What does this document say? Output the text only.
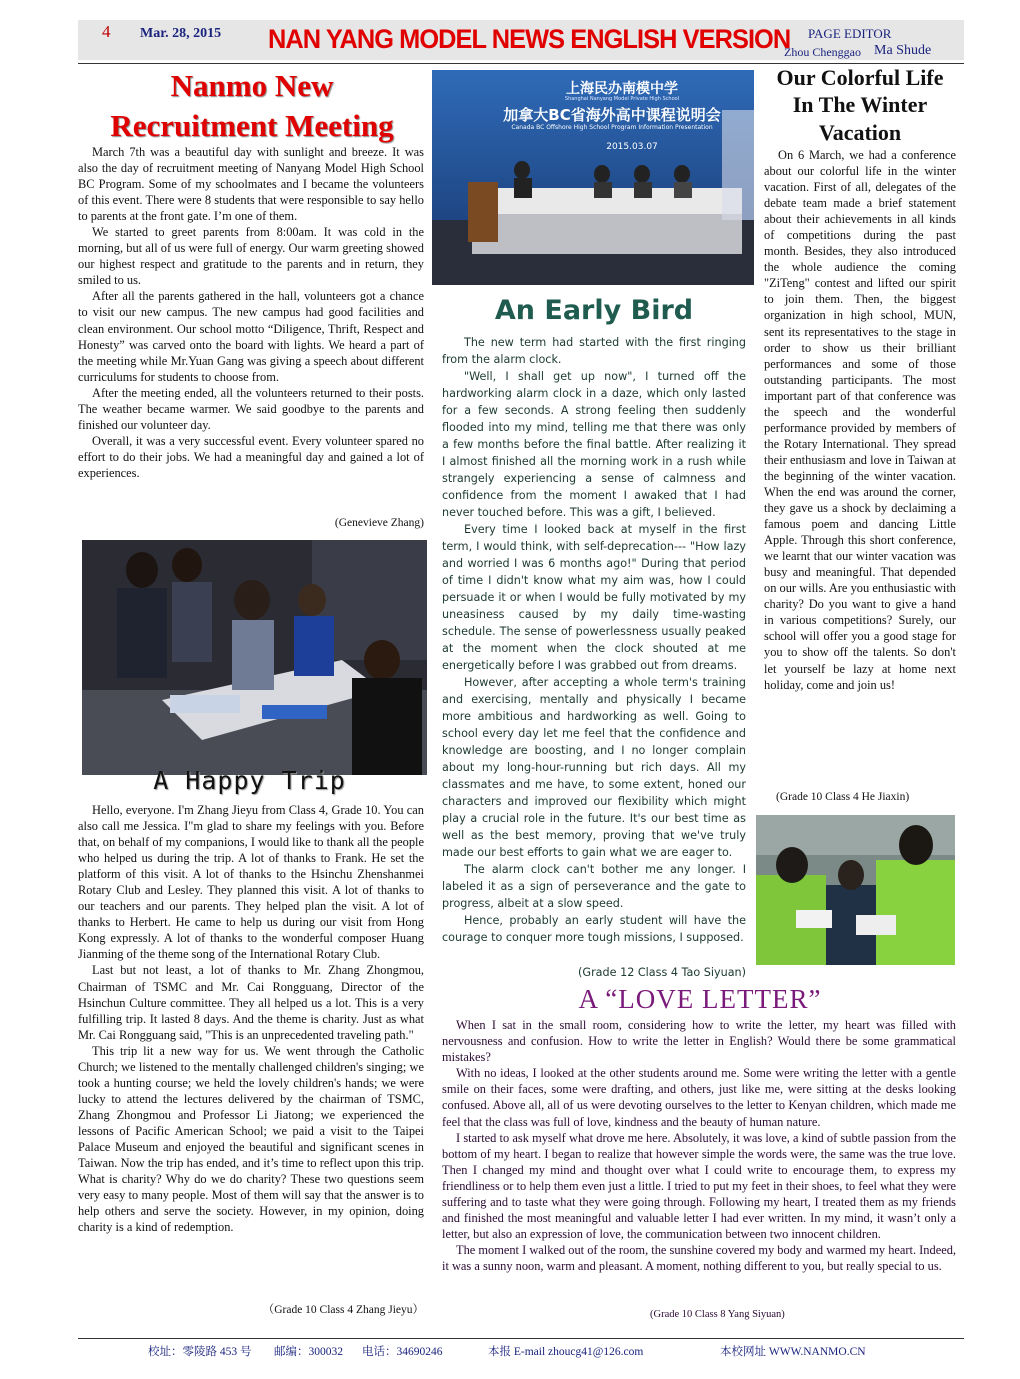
4 Mar. 28, 2015 NAN YANG MODEL NEWS ENGLISH VERSION PAGE EDITOR
Zhou Chenggao Ma Shude
Nanmo New
Recruitment Meeting

March 7th was a beautiful day with sunlight and breeze. It was also the day of recruitment meeting of Nanyang Model High School BC Program. Some of my schoolmates and I became the volunteers of this event. There were 8 students that were responsible to say hello to parents at the front gate. I’m one of them.

We started to greet parents from 8:00am. It was cold in the morning, but all of us were full of energy. Our warm greeting showed our highest respect and gratitude to the parents and in return, they smiled to us.

After all the parents gathered in the hall, volunteers got a chance to visit our new campus. The new campus had good facilities and clean environment. Our school motto “Diligence, Thrift, Respect and Honesty” was carved onto the board with lights. We heard a part of the meeting while Mr.Yuan Gang was giving a speech about different curriculums for students to choose from.

After the meeting ended, all the volunteers returned to their posts. The weather became warmer. We said goodbye to the parents and finished our volunteer day.

Overall, it was a very successful event. Every volunteer spared no effort to do their jobs. We had a meaningful day and gained a lot of experiences.

(Genevieve Zhang)
A Happy Trip

Hello, everyone. I'm Zhang Jieyu from Class 4, Grade 10. You can also call me Jessica. I"m glad to share my feelings with you. Before that, on behalf of my companions, I would like to thank all the people who helped us during the trip. A lot of thanks to Frank. He set the platform of this visit. A lot of thanks to the Hsinchu Zhenshanmei Rotary Club and Lesley. They planned this visit. A lot of thanks to our teachers and our parents. They helped plan the visit. A lot of thanks to Herbert. He came to help us during our visit from Hong Kong expressly. A lot of thanks to the wonderful composer Huang Jianming of the theme song of the International Rotary Club.

Last but not least, a lot of thanks to Mr. Zhang Zhongmou, Chairman of TSMC and Mr. Cai Rongguang, Director of the Hsinchun Culture committee. They all helped us a lot. This is a very fulfilling trip. It lasted 8 days. And the theme is charity. Just as what Mr. Cai Rongguang said, "This is an unprecedented traveling path."

This trip lit a new way for us. We went through the Catholic Church; we listened to the mentally challenged children's singing; we took a hunting course; we held the lovely children's hands; we were lucky to attend the lectures delivered by the chairman of TSMC, Zhang Zhongmou and Professor Li Jiatong; we experienced the lessons of Pacific American School; we paid a visit to the Taipei Palace Museum and enjoyed the beautiful and significant scenes in Taiwan. Now the trip has ended, and it’s time to reflect upon this trip. What is charity? Why do we do charity? These two questions seem very easy to many people. Most of them will say that the answer is to help others and serve the society. However, in my opinion, doing charity is a kind of redemption.

（Grade 10 Class 4 Zhang Jieyu）
上海民办南模中学
Shanghai Nanyang Model Private High School
加拿大BC省海外高中课程说明会
Canada BC Offshore High School Program Information Presentation
2015.03.07
An Early Bird

The new term had started with the first ringing from the alarm clock.

"Well, I shall get up now", I turned off the hardworking alarm clock in a daze, which only lasted for a few seconds. A strong feeling then suddenly flooded into my mind, telling me that there was only a few months before the final battle. After realizing it I almost finished all the morning work in a rush while strangely experiencing a sense of calmness and confidence from the moment I awaked that I had never touched before. This was a gift, I believed.

Every time I looked back at myself in the first term, I would think, with self-deprecation--- "How lazy and worried I was 6 months ago!" During that period of time I didn't know what my aim was, how I could persuade it or when I would be fully motivated by my uneasiness caused by my daily time-wasting schedule. The sense of powerlessness usually peaked at the moment when the clock shouted at me energetically before I was grabbed out from dreams.

However, after accepting a whole term's training and exercising, mentally and physically I became more ambitious and hardworking as well. Going to school every day let me feel that the confidence and knowledge are boosting, and I no longer complain about my long-hour-running but rich days. All my classmates and me have, to some extent, honed our characters and improved our flexibility which might play a crucial role in the future. It's our best time as well as the best memory, proving that we've truly made our best efforts to gain what we are eager to.

The alarm clock can't bother me any longer. I labeled it as a sign of perseverance and the gate to progress, albeit at a slow speed.

Hence, probably an early student will have the courage to conquer more tough missions, I supposed.

(Grade 12 Class 4 Tao Siyuan)
Our Colorful Life
In The Winter
Vacation

On 6 March, we had a conference about our colorful life in the winter vacation. First of all, delegates of the debate team made a brief statement about their achievements in all kinds of competitions during the past month. Besides, they also introduced the whole audience the coming "ZiTeng" contest and lifted our spirit to join them. Then, the biggest organization in high school, MUN, sent its representatives to the stage in order to show us their brilliant performances and some of those outstanding participants. The most important part of that conference was the speech and the wonderful performance provided by members of the Rotary International. They spread their enthusiasm and love in Taiwan at the beginning of the winter vacation. When the end was around the corner, they gave us a shock by declaiming a famous poem and dancing Little Apple. Through this short conference, we learnt that our winter vacation was busy and meaningful. That depended on our wills. Are you enthusiastic with charity? Do you want to give a hand in various competitions? Surely, our school will offer you a good stage for you to show off the talents. So don't let yourself be lazy at home next holiday, come and join us!

(Grade 10 Class 4 He Jiaxin)
A “LOVE LETTER”

When I sat in the small room, considering how to write the letter, my heart was filled with nervousness and confusion. How to write the letter in English? Would there be some grammatical mistakes?

With no ideas, I looked at the other students around me. Some were writing the letter with a gentle smile on their faces, some were drafting, and others, just like me, were sitting at the desks looking confused. Above all, all of us were devoting ourselves to the letter to Kenyan children, which made me feel that the class was full of love, kindness and the beauty of human nature.

I started to ask myself what drove me here. Absolutely, it was love, a kind of subtle passion from the bottom of my heart. I began to realize that however simple the words were, the same was the true love. Then I changed my mind and thought over what I could write to encourage them, to express my friendliness or to help them even just a little. I tried to put my feet in their shoes, to feel what they were suffering and to taste what they were going through. Following my heart, I treated them as my friends and finished the most meaningful and valuable letter I had ever written. In my mind, it wasn’t only a letter, but also an expression of love, the communication between two innocent children.

The moment I walked out of the room, the sunshine covered my body and warmed my heart. Indeed, it was a sunny noon, warm and pleasant. A moment, nothing different to you, but really special to us.

(Grade 10 Class 8 Yang Siyuan)
校址：零陵路 453 号 邮编：300032 电话：34690246	本报 E-mail zhoucg41@126.com	本校网址 WWW.NANMO.CN
